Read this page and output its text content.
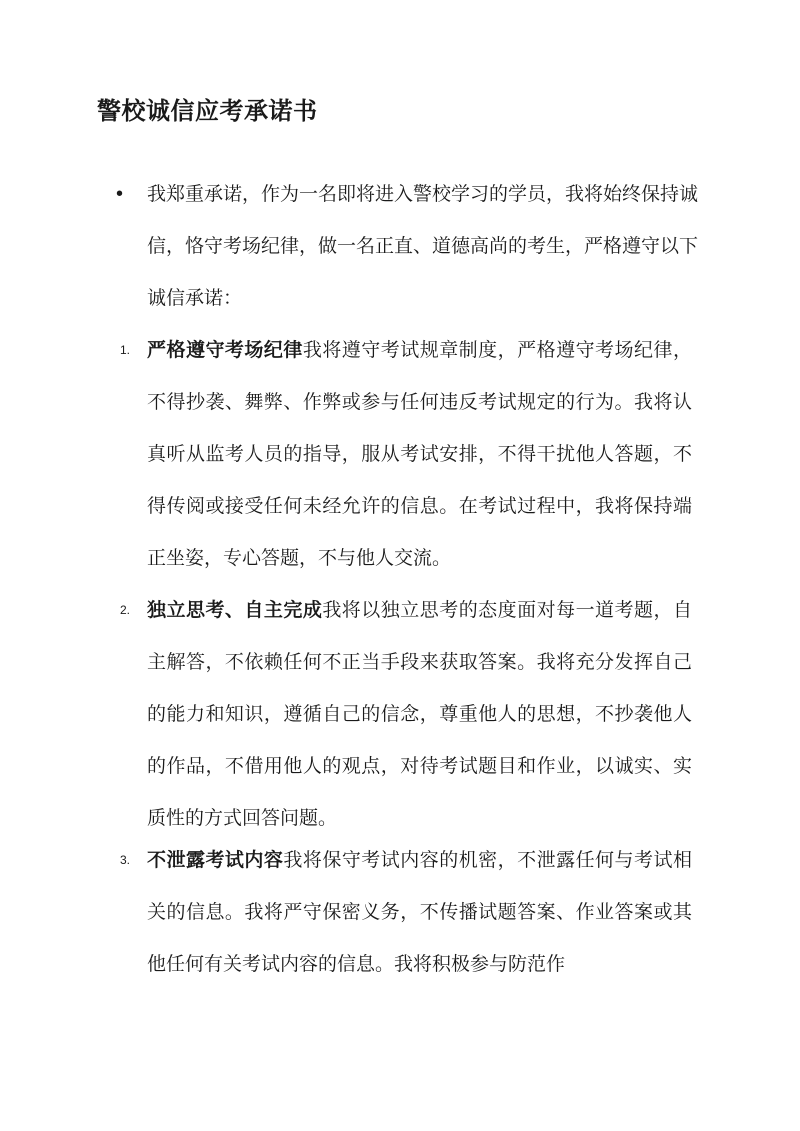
警校诚信应考承诺书
• 我郑重承诺，作为一名即将进入警校学习的学员，我将始终保持诚信，恪守考场纪律，做一名正直、道德高尚的考生，严格遵守以下诚信承诺：

1. 严格遵守考场纪律我将遵守考试规章制度，严格遵守考场纪律，不得抄袭、舞弊、作弊或参与任何违反考试规定的行为。我将认真听从监考人员的指导，服从考试安排，不得干扰他人答题，不得传阅或接受任何未经允许的信息。在考试过程中，我将保持端正坐姿，专心答题，不与他人交流。

2. 独立思考、自主完成我将以独立思考的态度面对每一道考题，自主解答，不依赖任何不正当手段来获取答案。我将充分发挥自己的能力和知识，遵循自己的信念，尊重他人的思想，不抄袭他人的作品，不借用他人的观点，对待考试题目和作业，以诚实、实质性的方式回答问题。

3. 不泄露考试内容我将保守考试内容的机密，不泄露任何与考试相关的信息。我将严守保密义务，不传播试题答案、作业答案或其他任何有关考试内容的信息。我将积极参与防范作
